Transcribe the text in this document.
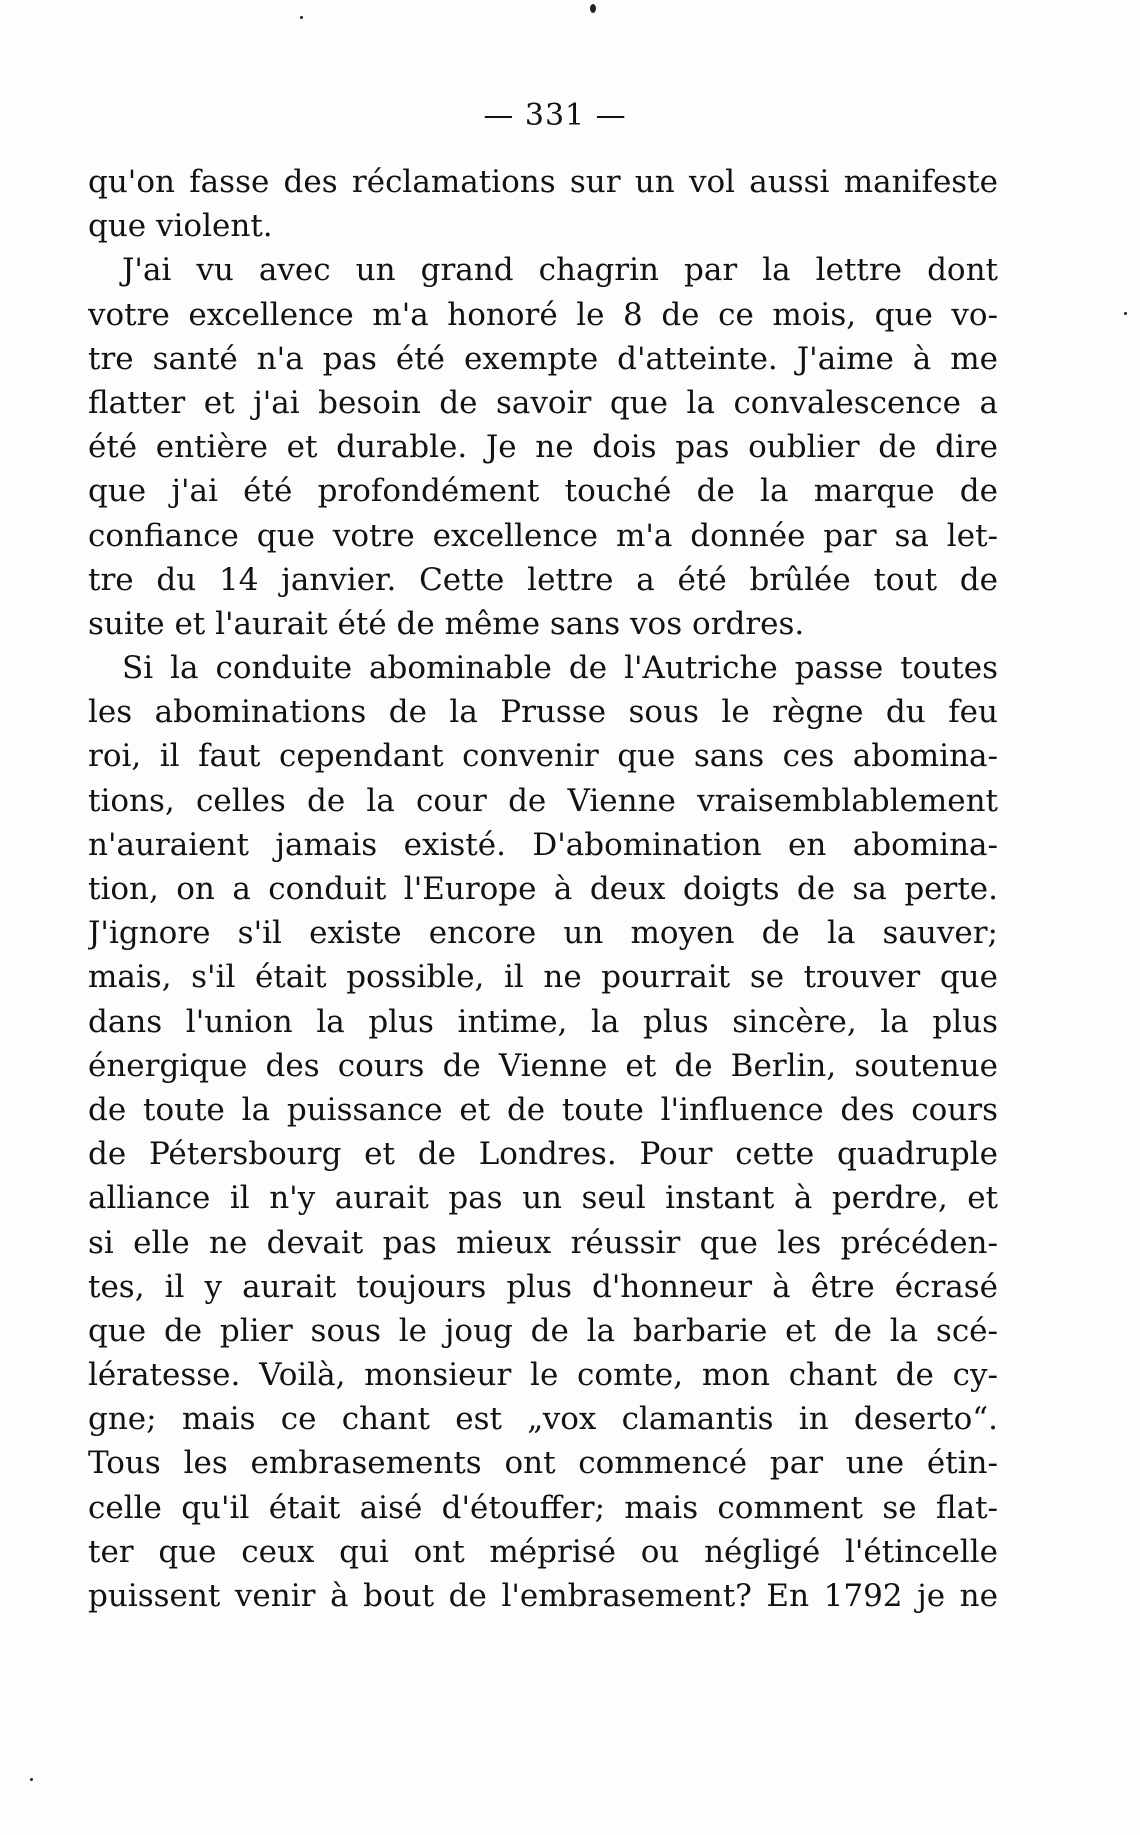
— 331 —
qu'on fasse des réclamations sur un vol aussi manifeste
que violent.
J'ai vu avec un grand chagrin par la lettre dont
votre excellence m'a honoré le 8 de ce mois, que vo-
tre santé n'a pas été exempte d'atteinte. J'aime à me
flatter et j'ai besoin de savoir que la convalescence a
été entière et durable. Je ne dois pas oublier de dire
que j'ai été profondément touché de la marque de
confiance que votre excellence m'a donnée par sa let-
tre du 14 janvier. Cette lettre a été brûlée tout de
suite et l'aurait été de même sans vos ordres.
Si la conduite abominable de l'Autriche passe toutes
les abominations de la Prusse sous le règne du feu
roi, il faut cependant convenir que sans ces abomina-
tions, celles de la cour de Vienne vraisemblablement
n'auraient jamais existé. D'abomination en abomina-
tion, on a conduit l'Europe à deux doigts de sa perte.
J'ignore s'il existe encore un moyen de la sauver;
mais, s'il était possible, il ne pourrait se trouver que
dans l'union la plus intime, la plus sincère, la plus
énergique des cours de Vienne et de Berlin, soutenue
de toute la puissance et de toute l'influence des cours
de Pétersbourg et de Londres. Pour cette quadruple
alliance il n'y aurait pas un seul instant à perdre, et
si elle ne devait pas mieux réussir que les précéden-
tes, il y aurait toujours plus d'honneur à être écrasé
que de plier sous le joug de la barbarie et de la scé-
lératesse. Voilà, monsieur le comte, mon chant de cy-
gne; mais ce chant est „vox clamantis in deserto“.
Tous les embrasements ont commencé par une étin-
celle qu'il était aisé d'étouffer; mais comment se flat-
ter que ceux qui ont méprisé ou négligé l'étincelle
puissent venir à bout de l'embrasement? En 1792 je ne
